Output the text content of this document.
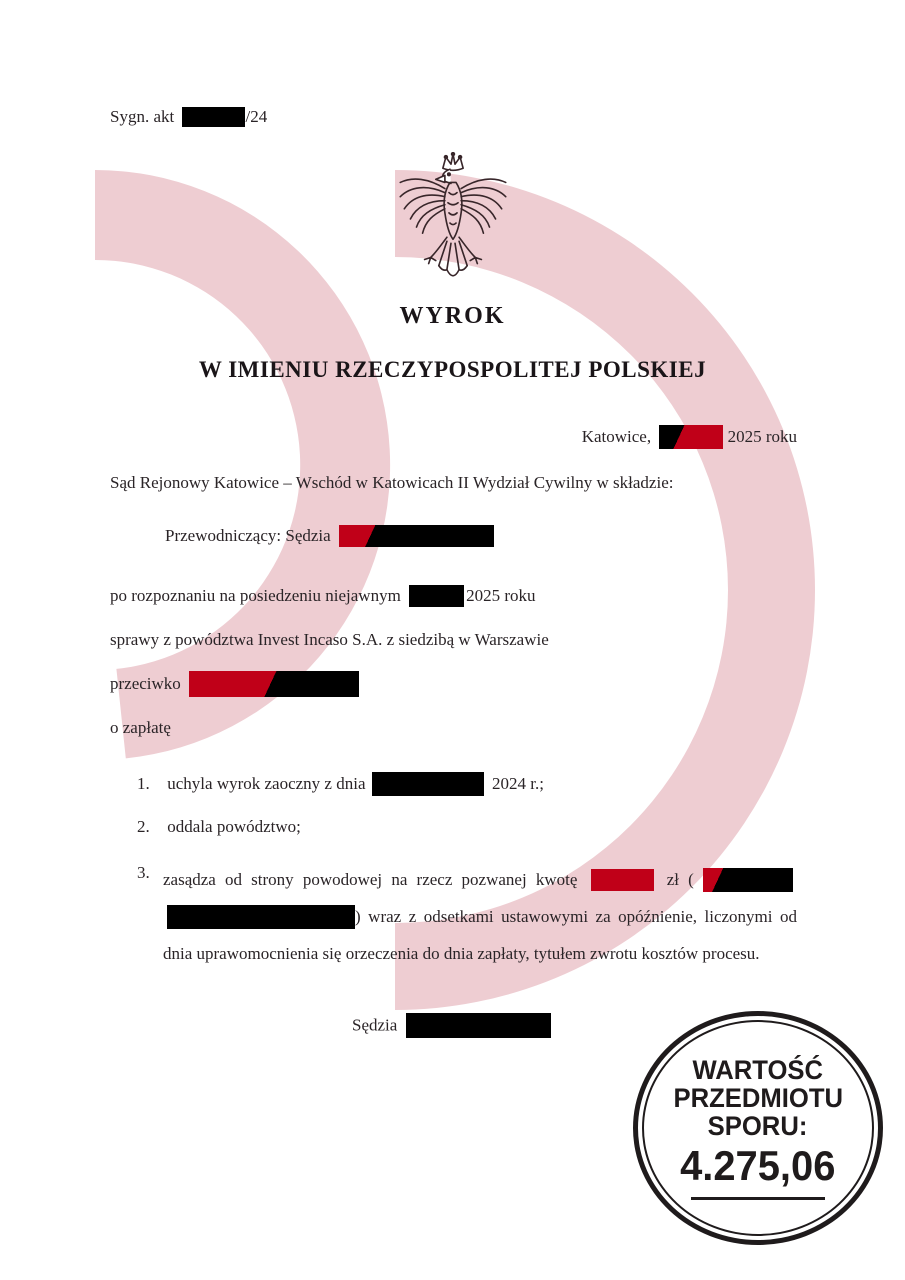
Sygn. akt	/24
WYROK
W IMIENIU RZECZYPOSPOLITEJ POLSKIEJ
Katowice,	2025 roku
Sąd Rejonowy Katowice – Wschód w Katowicach II Wydział Cywilny w składzie:
Przewodniczący: Sędzia
po rozpoznaniu na posiedzeniu niejawnym	2025 roku
sprawy z powództwa Invest Incaso S.A. z siedzibą w Warszawie
przeciwko
o zapłatę
1. uchyla wyrok zaoczny z dnia	2024 r.;
2. oddala powództwo;
3. zasądza od strony powodowej na rzecz pozwanej kwotę	zł (  ) wraz z odsetkami ustawowymi za opóźnienie, liczonymi od dnia uprawomocnienia się orzeczenia do dnia zapłaty, tytułem zwrotu kosztów procesu.
Sędzia
WARTOŚĆ
PRZEDMIOTU
SPORU:
4.275,06
